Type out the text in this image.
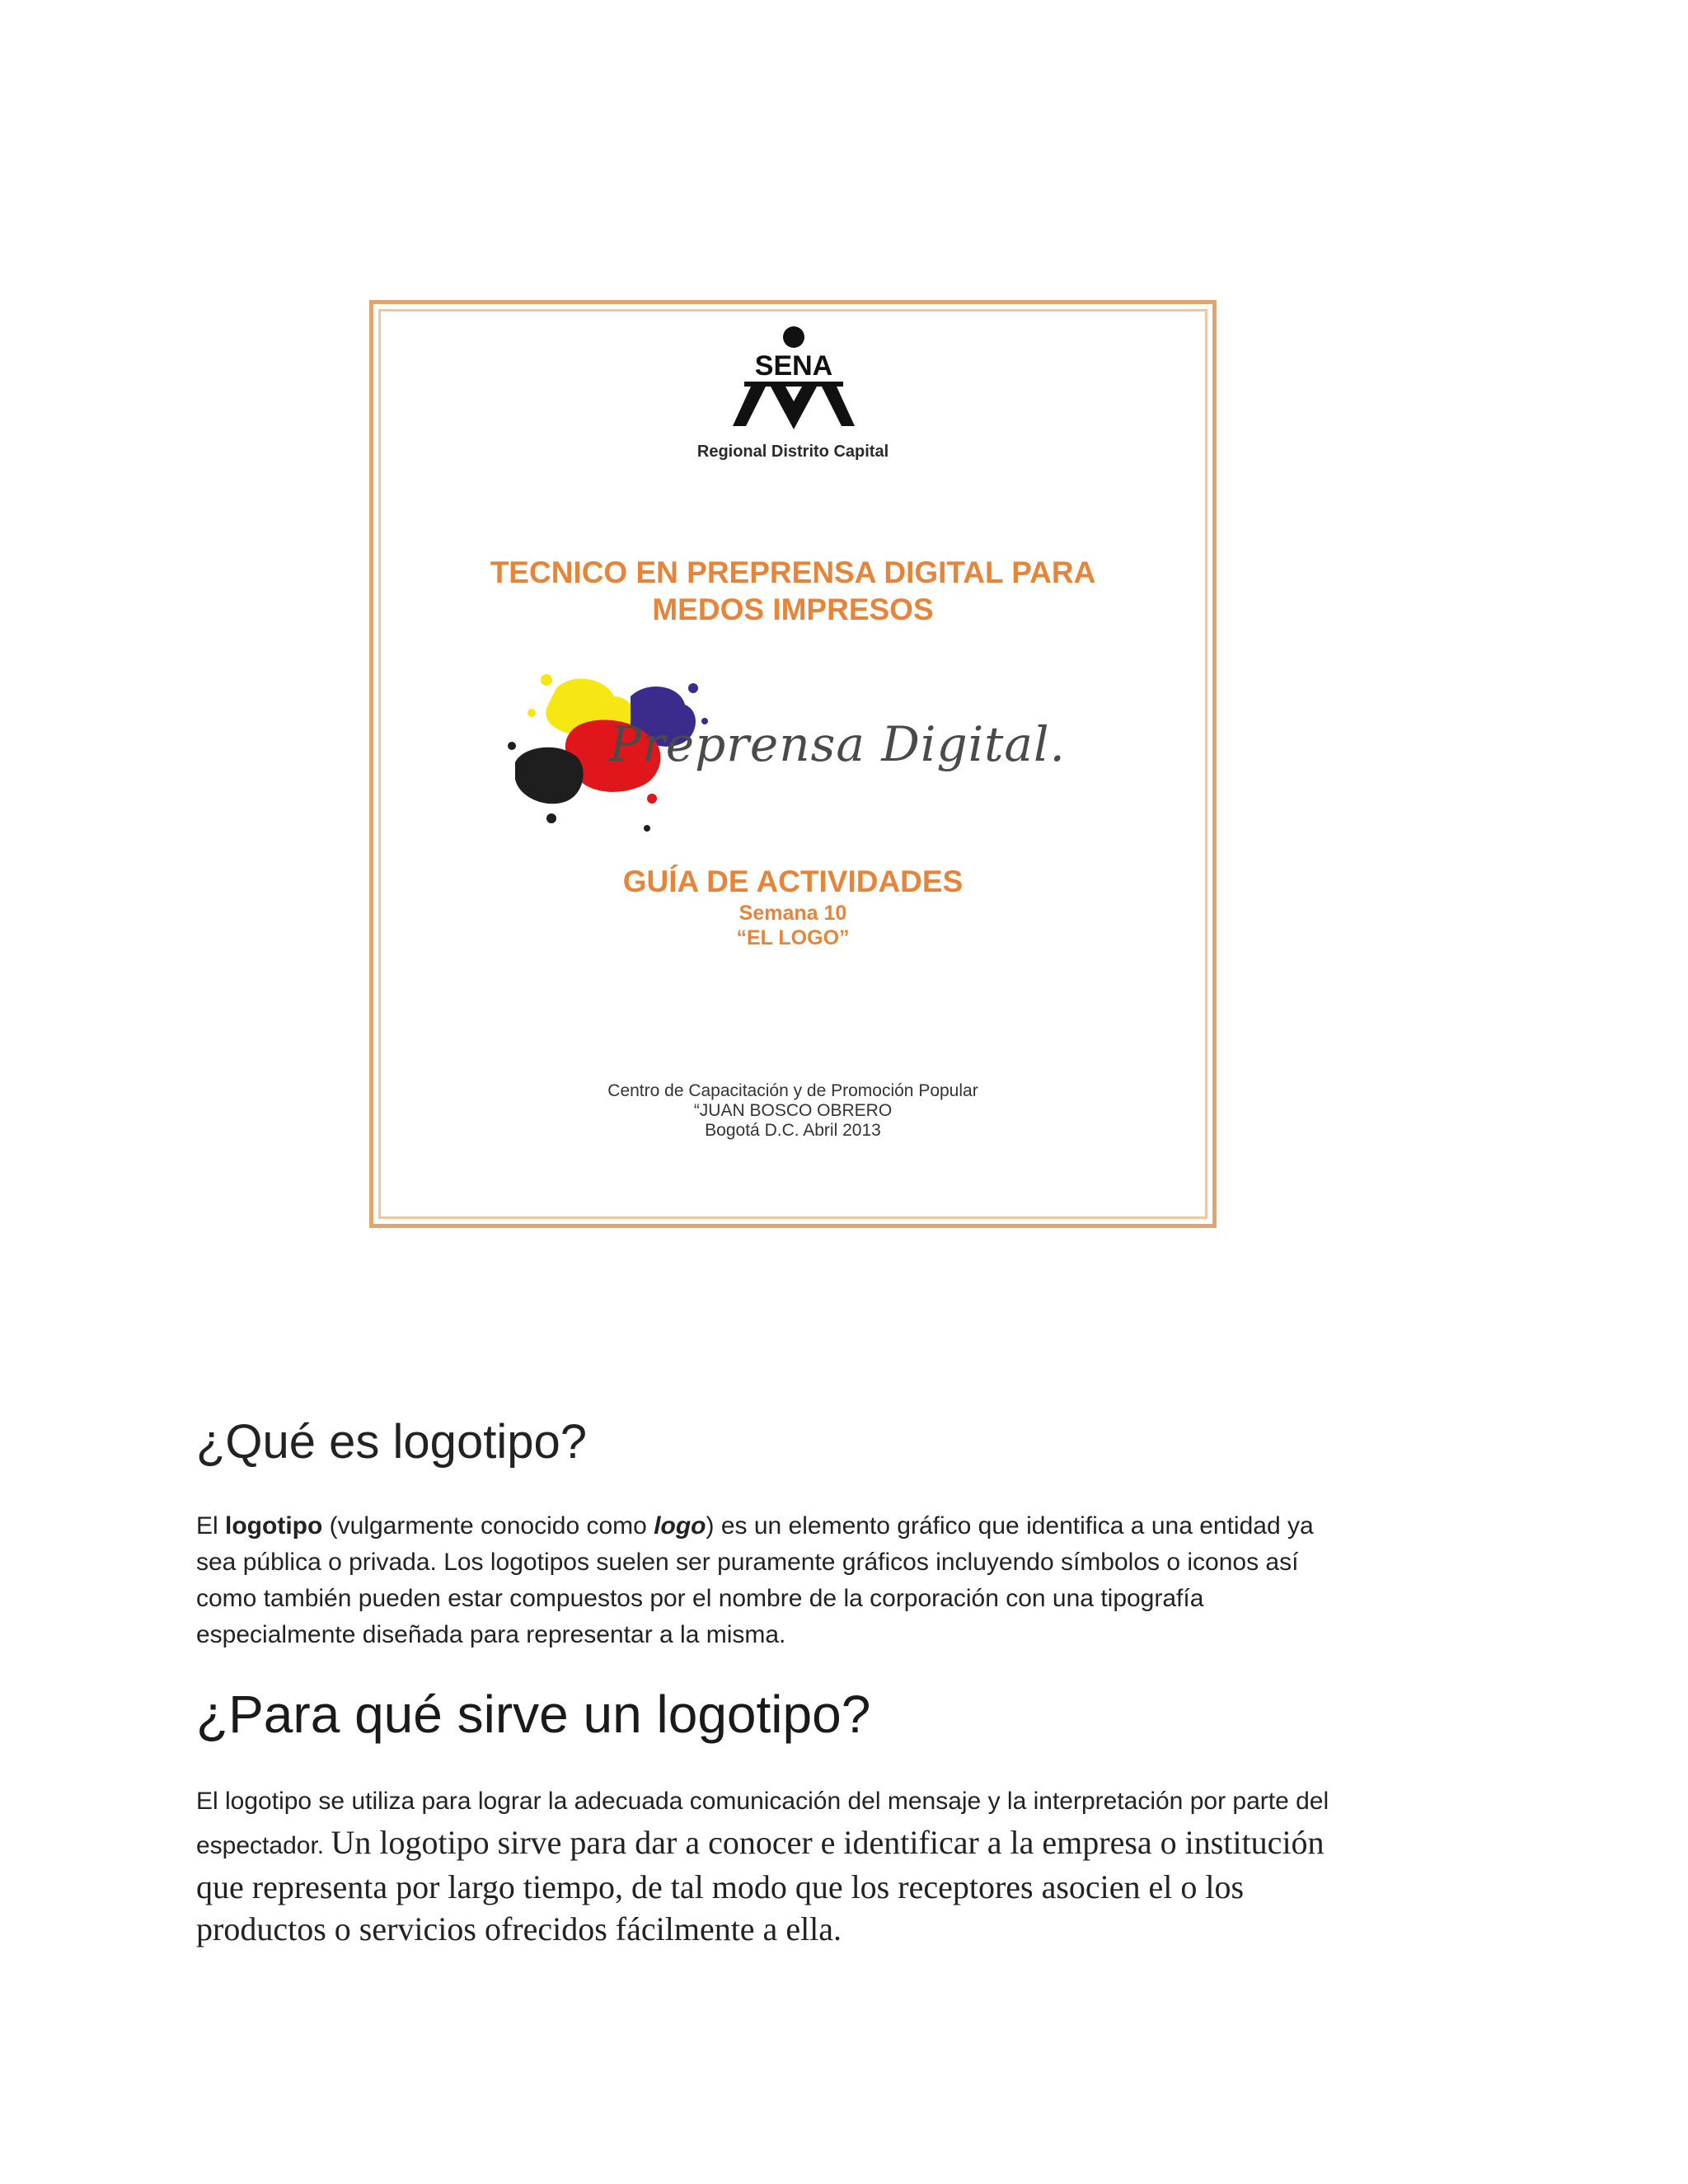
SENA
Regional Distrito Capital
TECNICO EN PREPRENSA DIGITAL PARA
MEDOS IMPRESOS
Preprensa Digital.
GUÍA DE ACTIVIDADES
Semana 10
“EL LOGO”
Centro de Capacitación y de Promoción Popular
“JUAN BOSCO OBRERO
Bogotá D.C. Abril 2013
¿Qué es logotipo?

El logotipo (vulgarmente conocido como logo) es un elemento gráfico que identifica a una entidad ya
sea pública o privada. Los logotipos suelen ser puramente gráficos incluyendo símbolos o iconos así
como también pueden estar compuestos por el nombre de la corporación con una tipografía
especialmente diseñada para representar a la misma.

¿Para qué sirve un logotipo?

El logotipo se utiliza para lograr la adecuada comunicación del mensaje y la interpretación por parte del
espectador. Un logotipo sirve para dar a conocer e identificar a la empresa o institución
que representa por largo tiempo, de tal modo que los receptores asocien el o los
productos o servicios ofrecidos fácilmente a ella.
